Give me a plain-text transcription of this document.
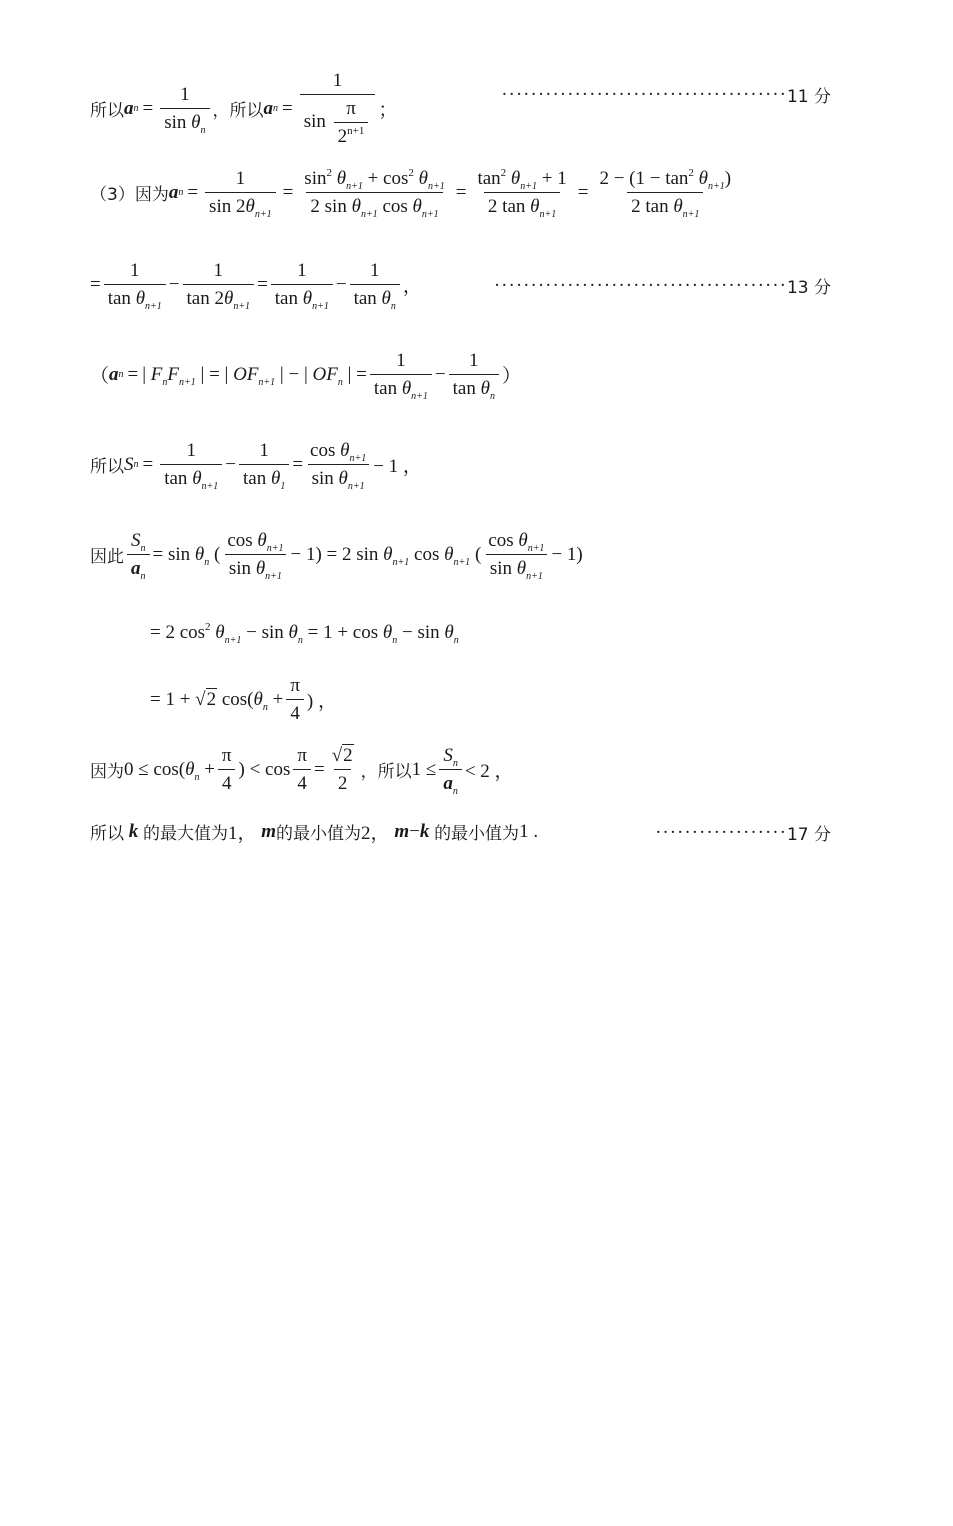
所以 a $n = \frac{1}{\sin \theta_n}$ ，所以 a $n = \frac{1}{\sin \frac{\pi}{2^{n+1}}}$ ；
······································· 11 分
（3）因为 a $n = \frac{1}{\sin 2\theta_{n+1}} = \frac{\sin^2 \theta_{n+1} + \cos^2 \theta_{n+1}}{2 \sin \theta_{n+1} \cos \theta_{n+1}} = \frac{\tan^2 \theta_{n+1} + 1}{2 \tan \theta_{n+1}} = \frac{2 - (1 - \tan^2 \theta_{n+1})}{2 \tan \theta_{n+1}}$
= $\frac{1}{\tan \theta_{n+1}} - \frac{1}{\tan 2\theta_{n+1}} = \frac{1}{\tan \theta_{n+1}} - \frac{1}{\tan \theta_n}$ ，	········································ 13 分
（ a n = | $F_nF_{n+1}$ | = | $OF_{n+1}$ | − | $OF_n$ | = $\frac{1}{\tan \theta_{n+1}} - \frac{1}{\tan \theta_n}$ ）
所以 S $n = \frac{1}{\tan \theta_{n+1}} - \frac{1}{\tan \theta_1} = \frac{\cos \theta_{n+1}}{\sin \theta_{n+1}} - 1$ ，
因此 $\frac{S_n}{a_n} = \sin \theta_n$ ( $\frac{\cos \theta_{n+1}}{\sin \theta_{n+1}} - 1) = 2$ $\sin \theta_{n+1}$ $\cos \theta_{n+1}$ ( $\frac{\cos \theta_{n+1}}{\sin \theta_{n+1}} - 1$)
= 2 $\cos^2 \theta_{n+1} - \sin \theta_n = 1 + \cos \theta_n - \sin \theta_n$
= 1 + √2 $\cos(\theta_n + \frac{\pi}{4}$ ) ，
因为 $0 \le \cos(\theta_n + \frac{\pi}{4}$ ) < $\cos \frac{\pi}{4} = \frac{√2}{2}$ ，所以 $1 \le \frac{S_n}{a_n} < 2$ ，
所以 k 的最大值为 1， m 的最小值为 2， m − k 的最小值为 1 .	·················· 17 分
